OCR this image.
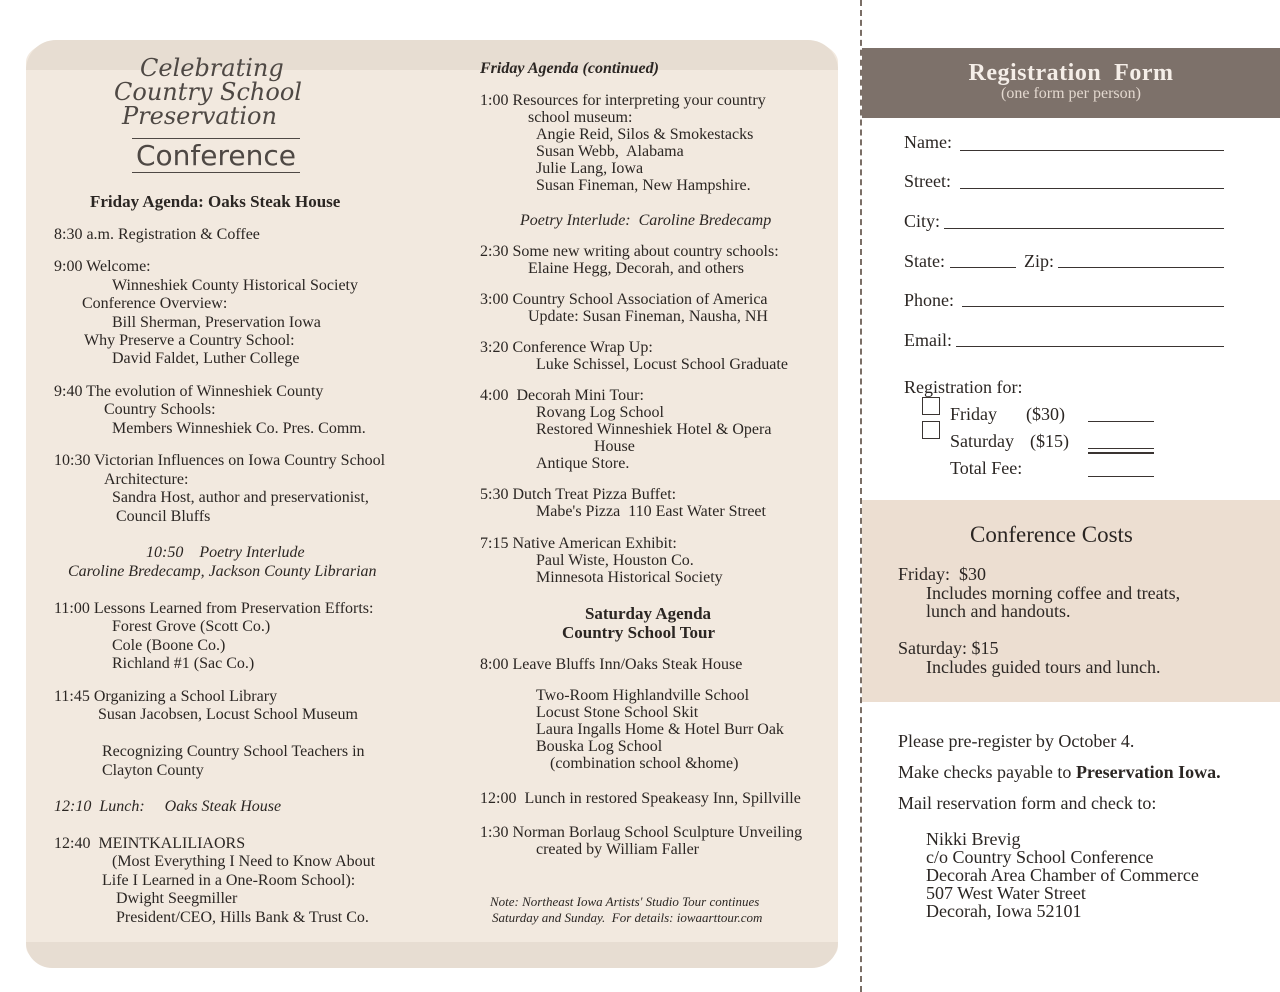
Celebrating
Country School
Preservation
Conference
Friday Agenda: Oaks Steak House
8:30 a.m. Registration & Coffee
9:00 Welcome:
Winneshiek County Historical Society
Conference Overview:
Bill Sherman, Preservation Iowa
Why Preserve a Country School:
David Faldet, Luther College
9:40 The evolution of Winneshiek County
Country Schools:
Members Winneshiek Co. Pres. Comm.
10:30 Victorian Influences on Iowa Country School
Architecture:
Sandra Host, author and preservationist,
Council Bluffs
10:50    Poetry Interlude
Caroline Bredecamp, Jackson County Librarian
11:00 Lessons Learned from Preservation Efforts:
Forest Grove (Scott Co.)
Cole (Boone Co.)
Richland #1 (Sac Co.)
11:45 Organizing a School Library
Susan Jacobsen, Locust School Museum
Recognizing Country School Teachers in
Clayton County
12:10  Lunch:     Oaks Steak House
12:40  MEINTKALILIAORS
(Most Everything I Need to Know About
Life I Learned in a One-Room School):
Dwight Seegmiller
President/CEO, Hills Bank & Trust Co.
Friday Agenda (continued)
1:00 Resources for interpreting your country
school museum:
Angie Reid, Silos & Smokestacks
Susan Webb,  Alabama
Julie Lang, Iowa
Susan Fineman, New Hampshire.
Poetry Interlude:  Caroline Bredecamp
2:30 Some new writing about country schools:
Elaine Hegg, Decorah, and others
3:00 Country School Association of America
Update: Susan Fineman, Nausha, NH
3:20 Conference Wrap Up:
Luke Schissel, Locust School Graduate
4:00  Decorah Mini Tour:
Rovang Log School
Restored Winneshiek Hotel & Opera
House
Antique Store.
5:30 Dutch Treat Pizza Buffet:
Mabe's Pizza  110 East Water Street
7:15 Native American Exhibit:
Paul Wiste, Houston Co.
Minnesota Historical Society
Saturday Agenda
Country School Tour
8:00 Leave Bluffs Inn/Oaks Steak House
Two-Room Highlandville School
Locust Stone School Skit
Laura Ingalls Home & Hotel Burr Oak
Bouska Log School
(combination school &home)
12:00  Lunch in restored Speakeasy Inn, Spillville
1:30 Norman Borlaug School Sculpture Unveiling
created by William Faller
Note: Northeast Iowa Artists' Studio Tour continues
Saturday and Sunday.  For details: iowaarttour.com
Registration  Form
(one form per person)
Name:
Street:
City:
State:	Zip:
Phone:
Email:
Registration for:
Friday ($30)
Saturday ($15)
Total Fee:
Conference Costs
Friday:  $30
Includes morning coffee and treats,
lunch and handouts.
Saturday: $15
Includes guided tours and lunch.
Please pre-register by October 4.
Make checks payable to Preservation Iowa.
Mail reservation form and check to:
Nikki Brevig
c/o Country School Conference
Decorah Area Chamber of Commerce
507 West Water Street
Decorah, Iowa 52101
